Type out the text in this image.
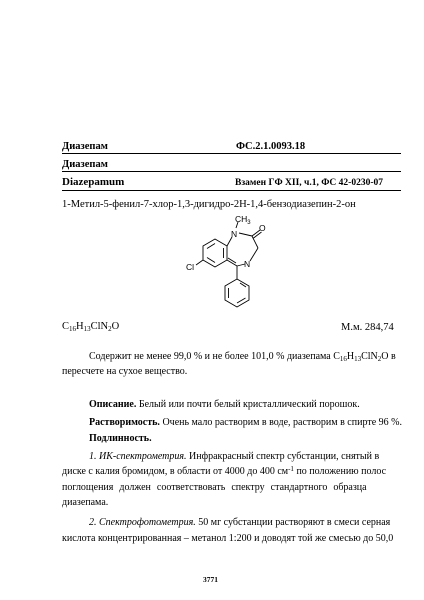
Диазепам	ФС.2.1.0093.18
Диазепам
Diazepamum	Взамен ГФ XII, ч.1, ФС 42-0230-07
1-Метил-5-фенил-7-хлор-1,3-дигидро-2Н-1,4-бензодиазепин-2-он
N
$CH_3$ O
N
Cl
$C_{16}H_{13}ClN_2O$	М.м. 284,74
Содержит не менее 99,0 % и не более 101,0 % диазепама $C_{16}H_{13}ClN_2O$ в
пересчете на сухое вещество.
Описание. Белый или почти белый кристаллический порошок.
Растворимость. Очень мало растворим в воде, растворим в спирте 96 %.
Подлинность.
1. ИК-спектрометрия. Инфракрасный спектр субстанции, снятый в
диске с калия бромидом, в области от 4000 до 400 $см^{-1}$ по положению полос
поглощения должен соответствовать спектру стандартного образца
диазепама.
2. Спектрофотометрия. 50 мг субстанции растворяют в смеси серная
кислота концентрированная – метанол 1:200 и доводят той же смесью до 50,0
3771
